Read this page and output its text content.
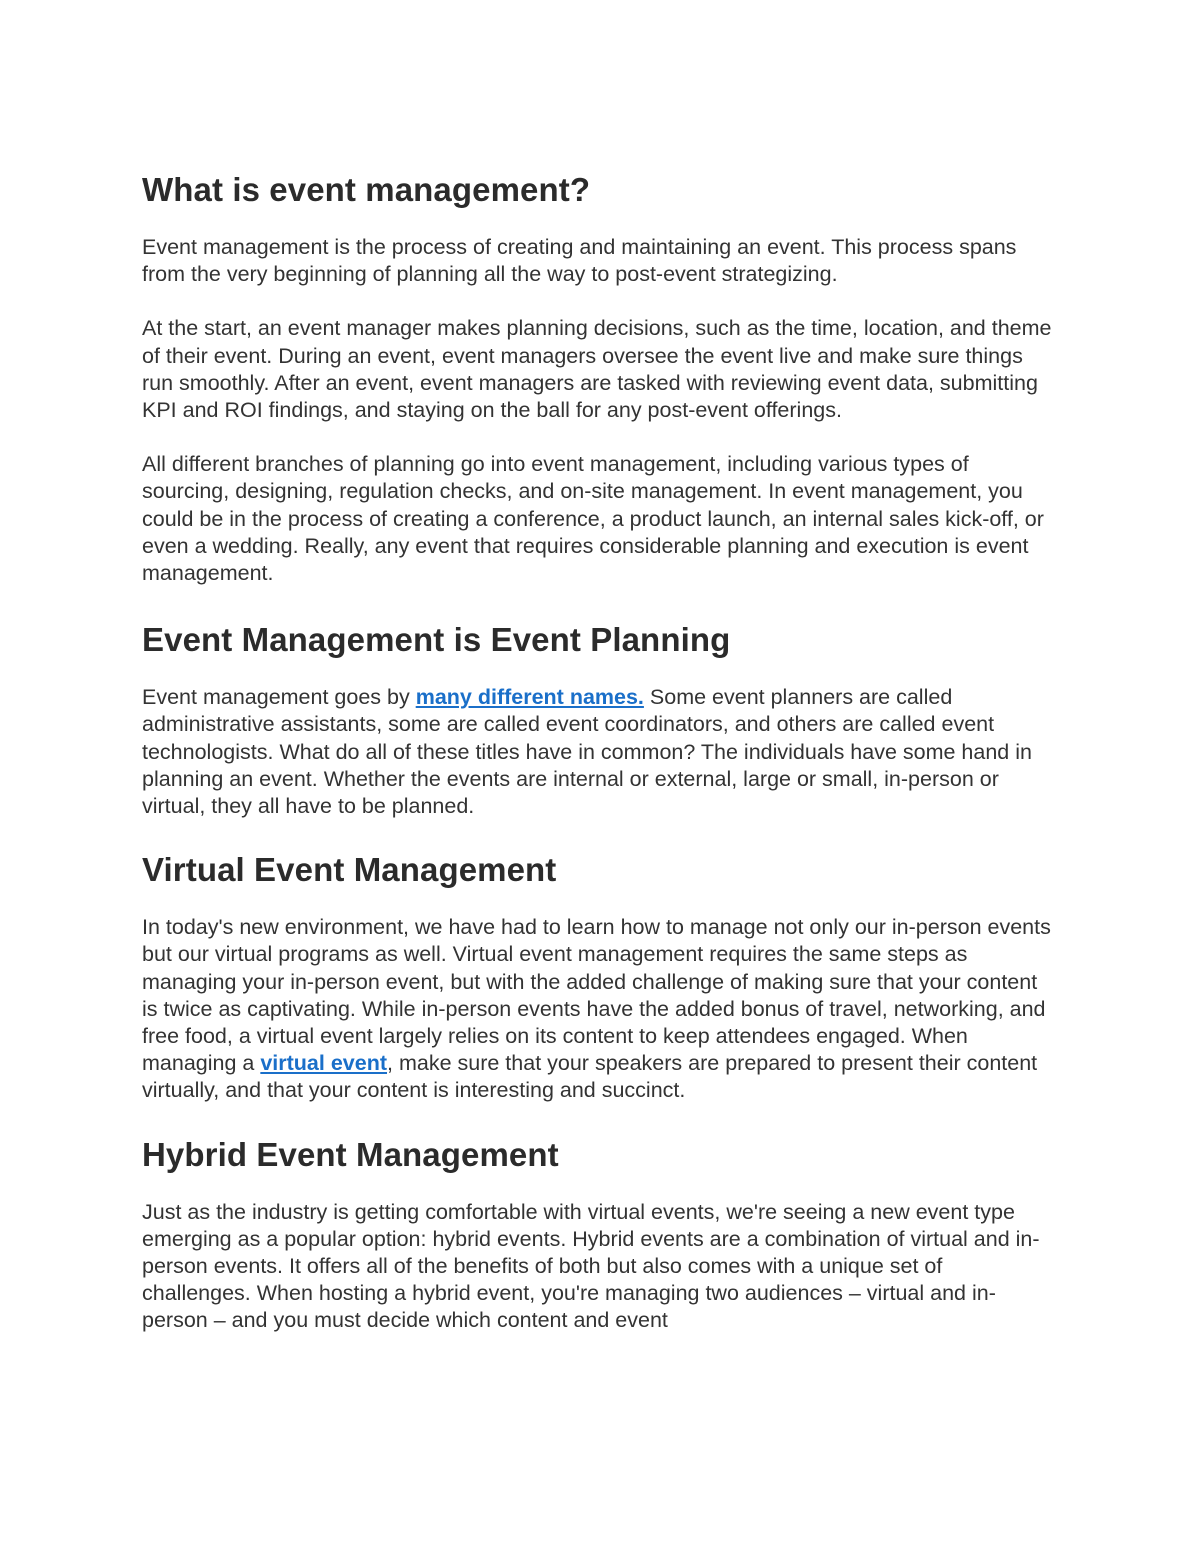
What is event management?

Event management is the process of creating and maintaining an event. This process spans from the very beginning of planning all the way to post-event strategizing.

At the start, an event manager makes planning decisions, such as the time, location, and theme of their event. During an event, event managers oversee the event live and make sure things run smoothly. After an event, event managers are tasked with reviewing event data, submitting KPI and ROI findings, and staying on the ball for any post-event offerings.

All different branches of planning go into event management, including various types of sourcing, designing, regulation checks, and on-site management. In event management, you could be in the process of creating a conference, a product launch, an internal sales kick-off, or even a wedding. Really, any event that requires considerable planning and execution is event management.

Event Management is Event Planning

Event management goes by many different names. Some event planners are called administrative assistants, some are called event coordinators, and others are called event technologists. What do all of these titles have in common? The individuals have some hand in planning an event. Whether the events are internal or external, large or small, in-person or virtual, they all have to be planned.

Virtual Event Management

In today's new environment, we have had to learn how to manage not only our in-person events but our virtual programs as well. Virtual event management requires the same steps as managing your in-person event, but with the added challenge of making sure that your content is twice as captivating. While in-person events have the added bonus of travel, networking, and free food, a virtual event largely relies on its content to keep attendees engaged. When managing a virtual event, make sure that your speakers are prepared to present their content virtually, and that your content is interesting and succinct.

Hybrid Event Management

Just as the industry is getting comfortable with virtual events, we're seeing a new event type emerging as a popular option: hybrid events. Hybrid events are a combination of virtual and in-person events. It offers all of the benefits of both but also comes with a unique set of challenges. When hosting a hybrid event, you're managing two audiences – virtual and in-person – and you must decide which content and event
